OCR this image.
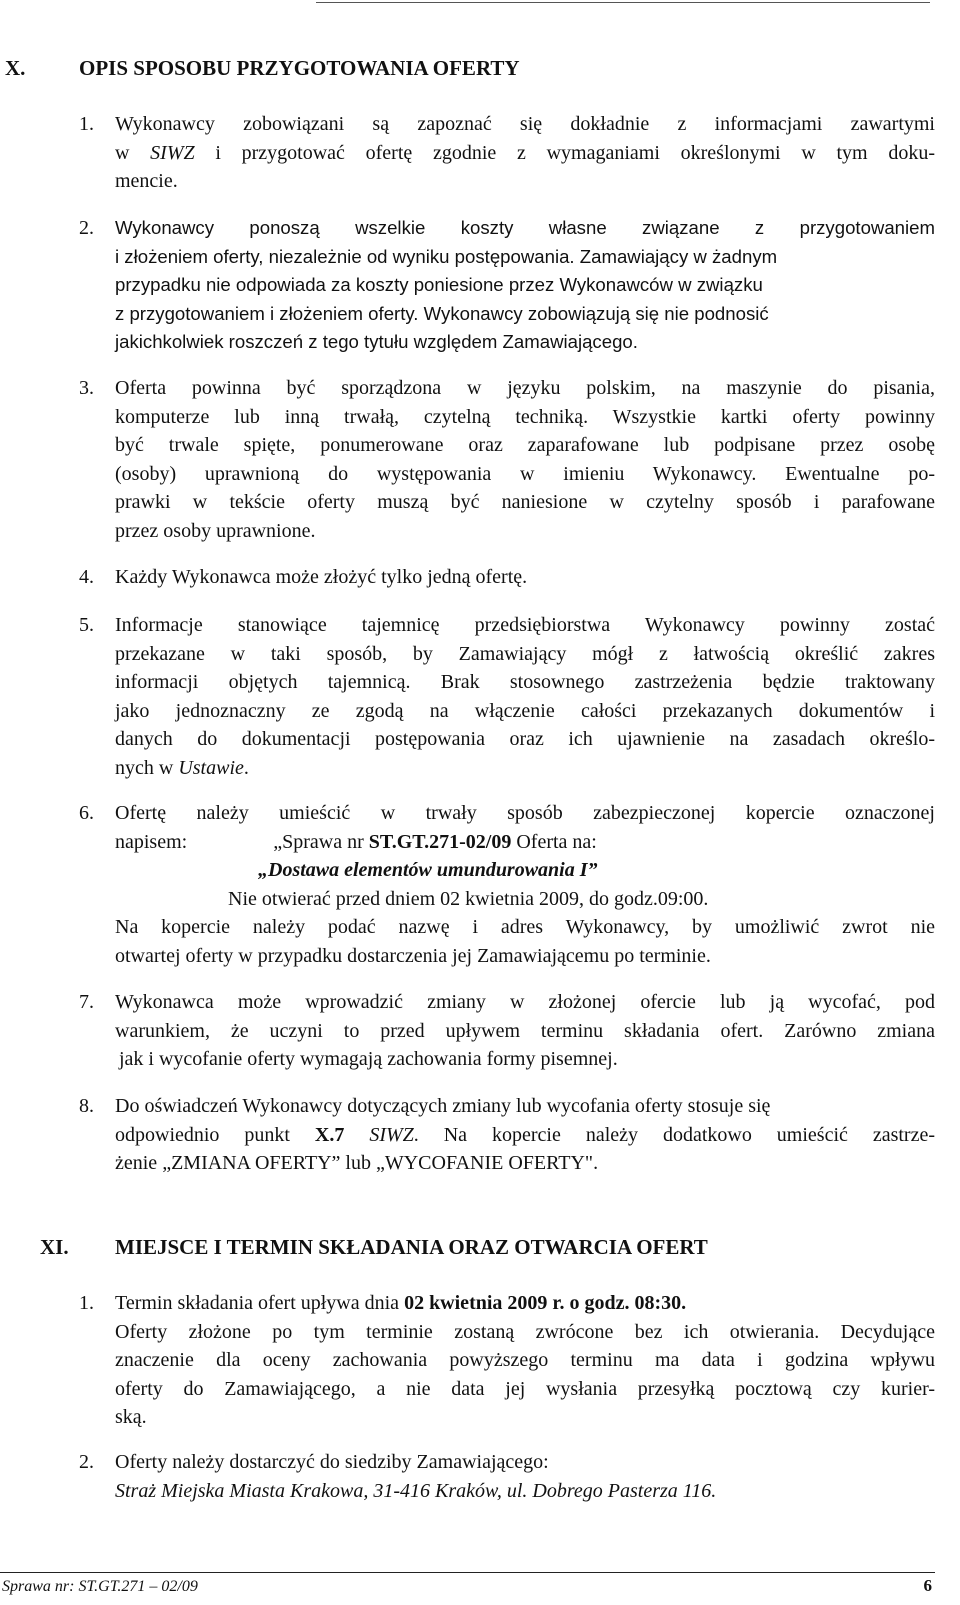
X.	OPIS SPOSOBU PRZYGOTOWANIA OFERTY
1. Wykonawcy zobowiązani są zapoznać się dokładnie z informacjami zawartymi
w SIWZ i przygotować ofertę zgodnie z wymaganiami określonymi w tym doku-
mencie.
2. Wykonawcy ponoszą wszelkie koszty własne związane z przygotowaniem
i złożeniem oferty, niezależnie od wyniku postępowania. Zamawiający w żadnym
przypadku nie odpowiada za koszty poniesione przez Wykonawców w związku
z przygotowaniem i złożeniem oferty. Wykonawcy zobowiązują się nie podnosić
jakichkolwiek roszczeń z tego tytułu względem Zamawiającego.
3. Oferta powinna być sporządzona w języku polskim, na maszynie do pisania,
komputerze lub inną trwałą, czytelną techniką. Wszystkie kartki oferty powinny
być trwale spięte, ponumerowane oraz zaparafowane lub podpisane przez osobę
(osoby) uprawnioną do występowania w imieniu Wykonawcy. Ewentualne po-
prawki w tekście oferty muszą być naniesione w czytelny sposób i parafowane
przez osoby uprawnione.
4. Każdy Wykonawca może złożyć tylko jedną ofertę.
5. Informacje stanowiące tajemnicę przedsiębiorstwa Wykonawcy powinny zostać
przekazane w taki sposób, by Zamawiający mógł z łatwością określić zakres
informacji objętych tajemnicą. Brak stosownego zastrzeżenia będzie traktowany
jako jednoznaczny ze zgodą na włączenie całości przekazanych dokumentów i
danych do dokumentacji postępowania oraz ich ujawnienie na zasadach określo-
nych w Ustawie.
6. Ofertę należy umieścić w trwały sposób zabezpieczonej kopercie oznaczonej
napisem:	„Sprawa nr ST.GT.271-02/09 Oferta na:
„Dostawa elementów umundurowania I”
Nie otwierać przed dniem 02 kwietnia 2009, do godz.09:00.
Na kopercie należy podać nazwę i adres Wykonawcy, by umożliwić zwrot nie
otwartej oferty w przypadku dostarczenia jej Zamawiającemu po terminie.
7. Wykonawca może wprowadzić zmiany w złożonej ofercie lub ją wycofać, pod
warunkiem, że uczyni to przed upływem terminu składania ofert. Zarówno zmiana
jak i wycofanie oferty wymagają zachowania formy pisemnej.
8. Do oświadczeń Wykonawcy dotyczących zmiany lub wycofania oferty stosuje się
odpowiednio punkt X.7 SIWZ. Na kopercie należy dodatkowo umieścić zastrze-
żenie „ZMIANA OFERTY” lub „WYCOFANIE OFERTY".
XI. MIEJSCE I TERMIN SKŁADANIA ORAZ OTWARCIA OFERT
1. Termin składania ofert upływa dnia 02 kwietnia 2009 r. o godz. 08:30.
Oferty złożone po tym terminie zostaną zwrócone bez ich otwierania. Decydujące
znaczenie dla oceny zachowania powyższego terminu ma data i godzina wpływu
oferty do Zamawiającego, a nie data jej wysłania przesyłką pocztową czy kurier-
ską.
2. Oferty należy dostarczyć do siedziby Zamawiającego:
Straż Miejska Miasta Krakowa, 31-416 Kraków, ul. Dobrego Pasterza 116.
Sprawa nr: ST.GT.271 – 02/09	6
